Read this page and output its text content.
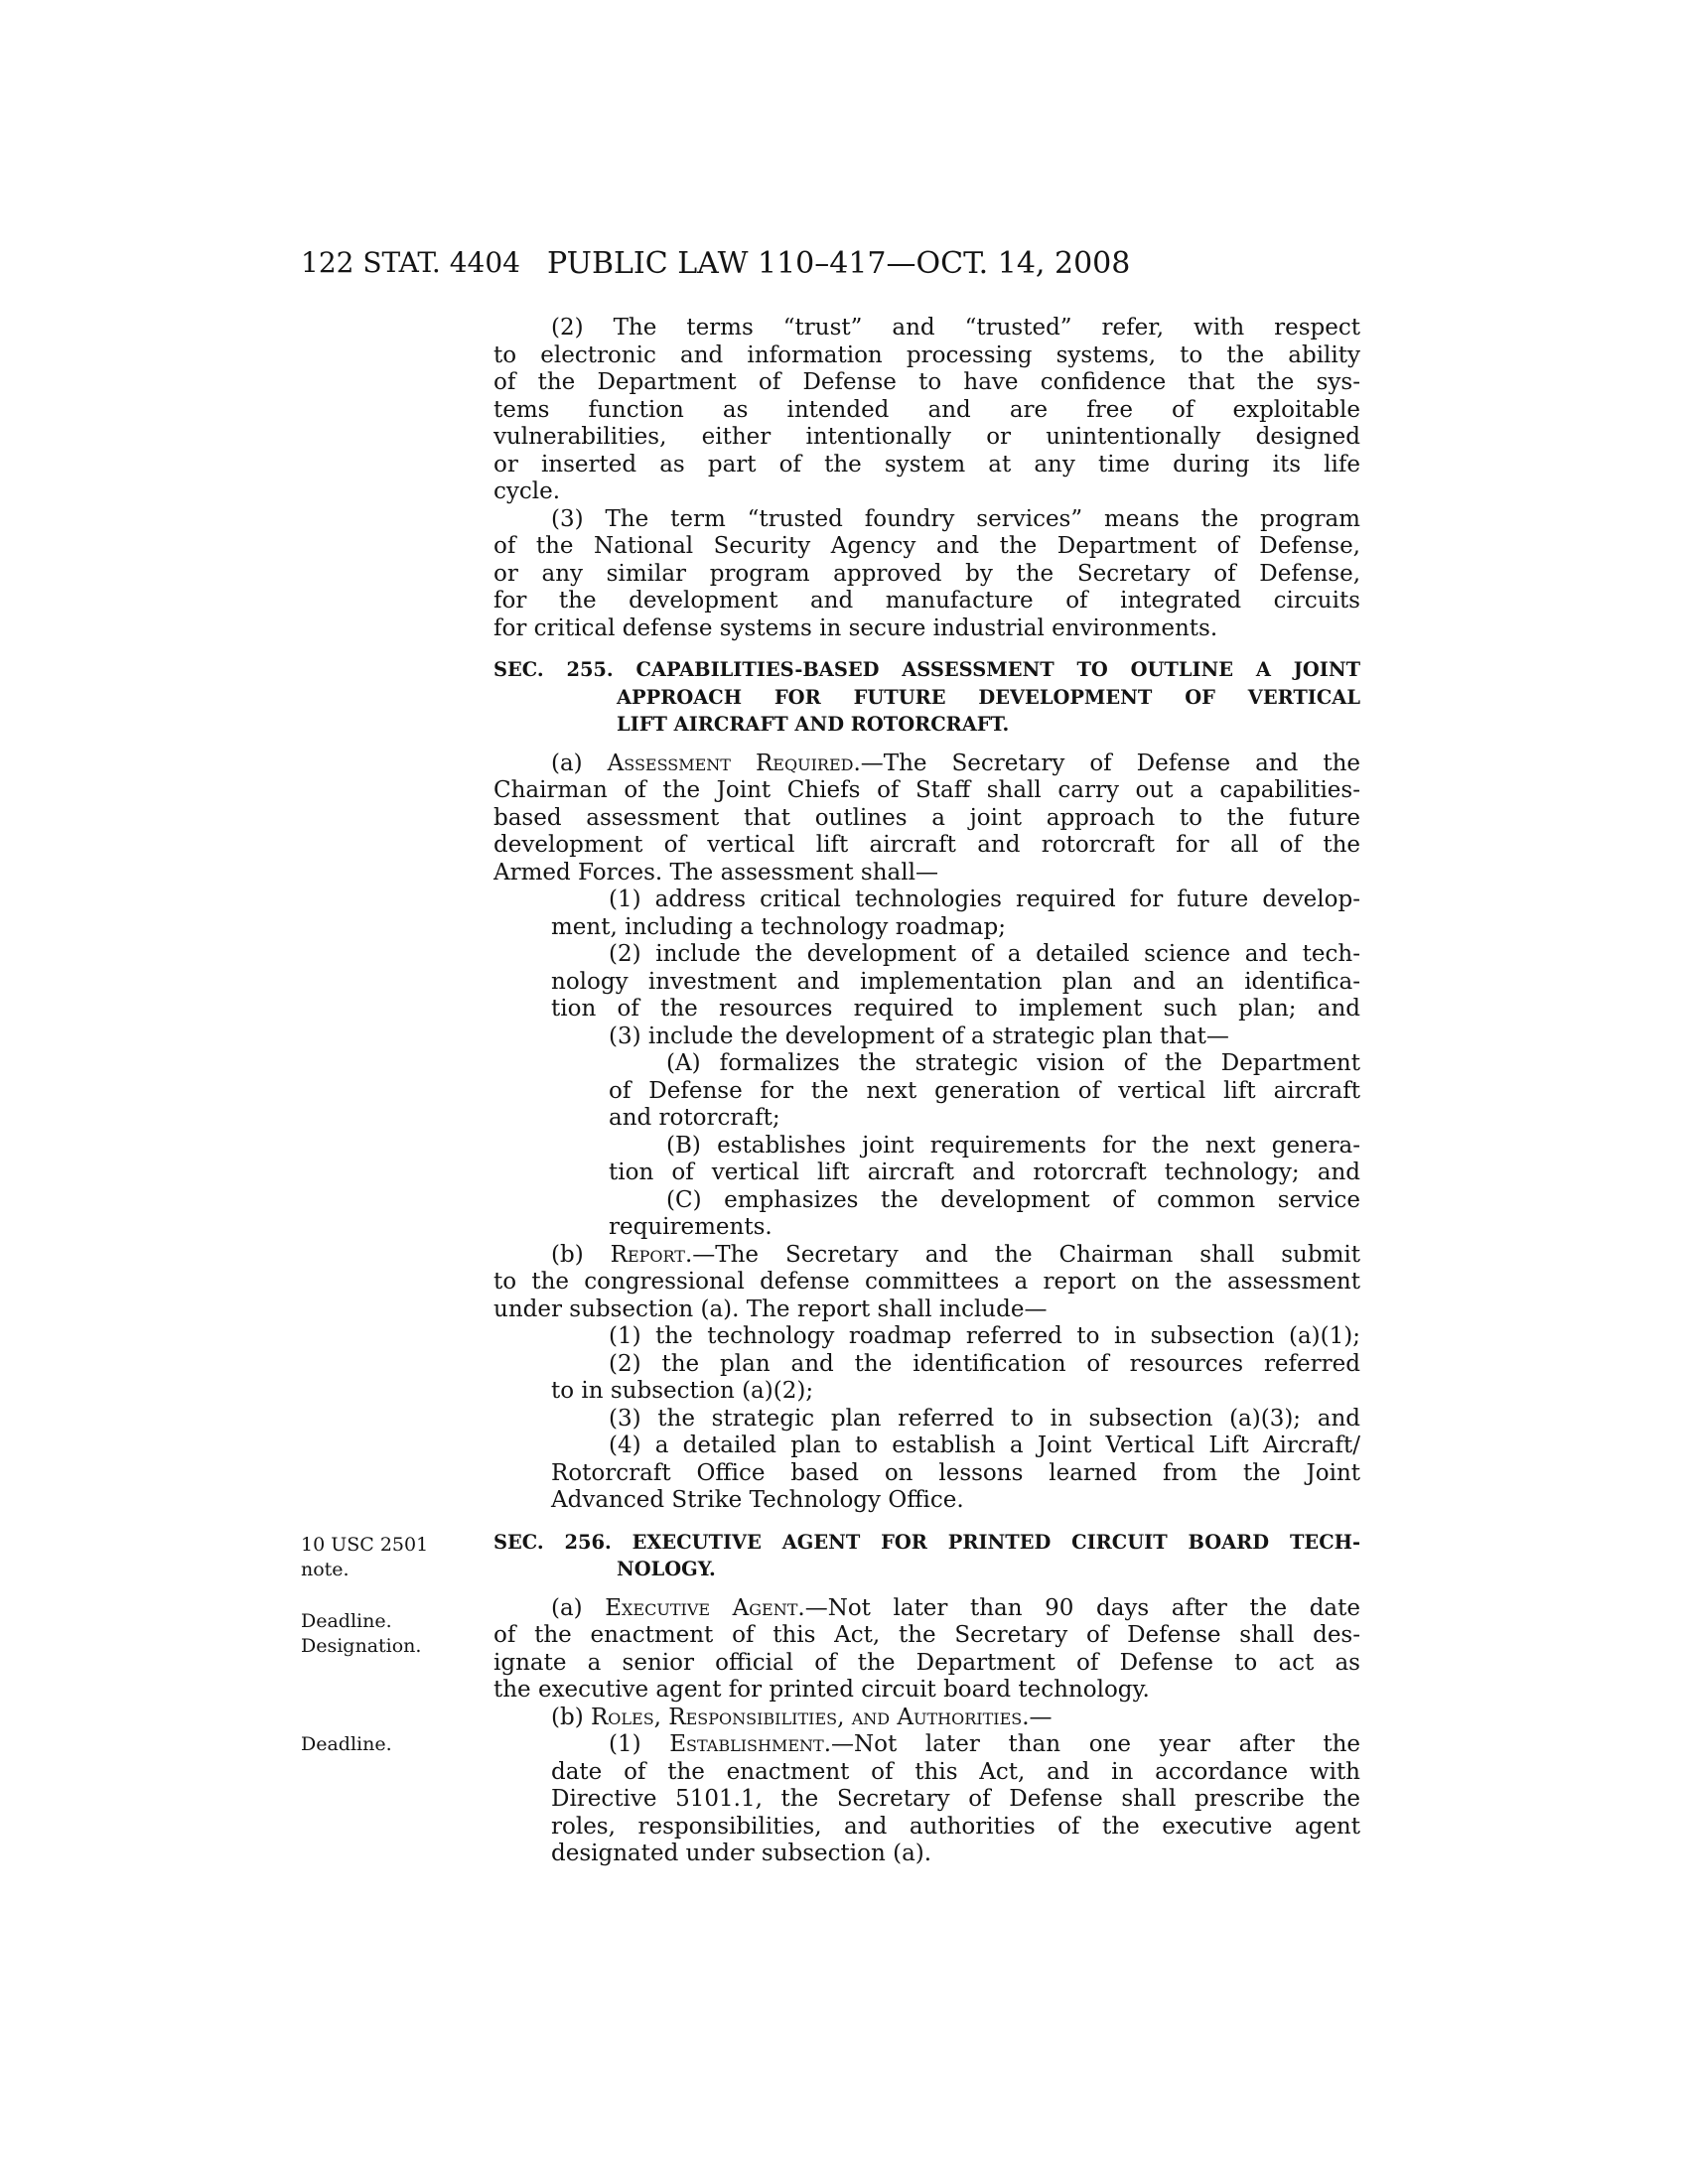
122 STAT. 4404 PUBLIC LAW 110–417—OCT. 14, 2008
10 USC 2501
note.
Deadline.
Designation.
Deadline.
(2) The terms “trust” and “trusted” refer, with respect
to electronic and information processing systems, to the ability
of the Department of Defense to have confidence that the sys-
tems function as intended and are free of exploitable
vulnerabilities, either intentionally or unintentionally designed
or inserted as part of the system at any time during its life
cycle.
(3) The term “trusted foundry services” means the program
of the National Security Agency and the Department of Defense,
or any similar program approved by the Secretary of Defense,
for the development and manufacture of integrated circuits
for critical defense systems in secure industrial environments.
SEC. 255. CAPABILITIES-BASED ASSESSMENT TO OUTLINE A JOINT
APPROACH FOR FUTURE DEVELOPMENT OF VERTICAL
LIFT AIRCRAFT AND ROTORCRAFT.
(a) Assessment Required.—The Secretary of Defense and the
Chairman of the Joint Chiefs of Staff shall carry out a capabilities-
based assessment that outlines a joint approach to the future
development of vertical lift aircraft and rotorcraft for all of the
Armed Forces. The assessment shall—
(1) address critical technologies required for future develop-
ment, including a technology roadmap;
(2) include the development of a detailed science and tech-
nology investment and implementation plan and an identifica-
tion of the resources required to implement such plan; and
(3) include the development of a strategic plan that—
(A) formalizes the strategic vision of the Department
of Defense for the next generation of vertical lift aircraft
and rotorcraft;
(B) establishes joint requirements for the next genera-
tion of vertical lift aircraft and rotorcraft technology; and
(C) emphasizes the development of common service
requirements.
(b) Report.—The Secretary and the Chairman shall submit
to the congressional defense committees a report on the assessment
under subsection (a). The report shall include—
(1) the technology roadmap referred to in subsection (a)(1);
(2) the plan and the identification of resources referred
to in subsection (a)(2);
(3) the strategic plan referred to in subsection (a)(3); and
(4) a detailed plan to establish a Joint Vertical Lift Aircraft/
Rotorcraft Office based on lessons learned from the Joint
Advanced Strike Technology Office.
SEC. 256. EXECUTIVE AGENT FOR PRINTED CIRCUIT BOARD TECH-
NOLOGY.
(a) Executive Agent.—Not later than 90 days after the date
of the enactment of this Act, the Secretary of Defense shall des-
ignate a senior official of the Department of Defense to act as
the executive agent for printed circuit board technology.
(b) Roles, Responsibilities, and Authorities.—
(1) Establishment.—Not later than one year after the
date of the enactment of this Act, and in accordance with
Directive 5101.1, the Secretary of Defense shall prescribe the
roles, responsibilities, and authorities of the executive agent
designated under subsection (a).
